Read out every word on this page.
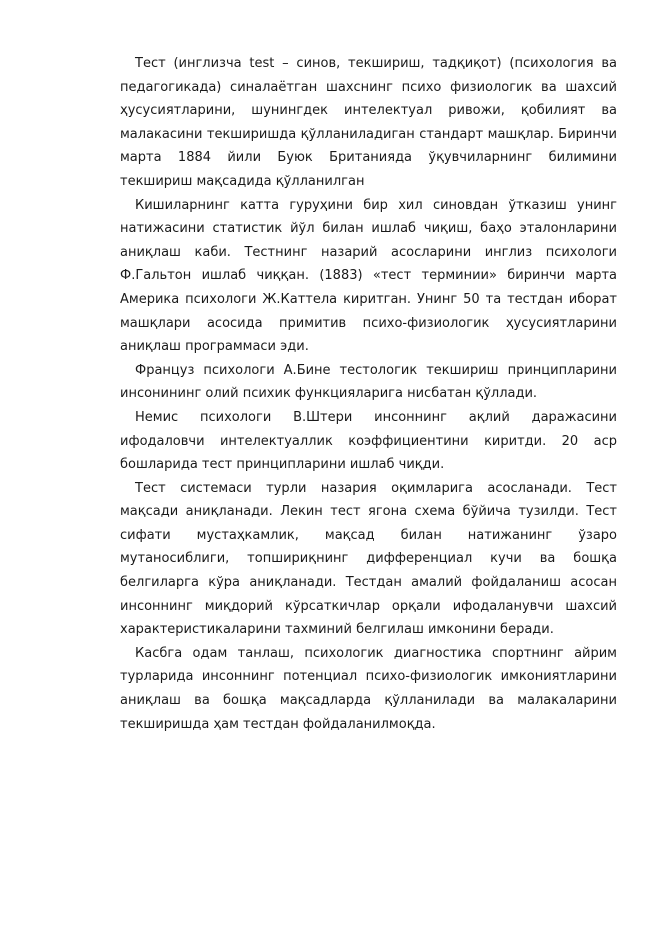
Тест (инглизча test – синов, текшириш, тадқиқот) (психология ва педагогикада) синалаётган шахснинг психо физиологик ва шахсий ҳусусиятларини, шунингдек интелектуал ривожи, қобилият ва малакасини текширишда қўлланиладиган стандарт машқлар. Биринчи марта 1884 йили Буюк Британияда ўқувчиларнинг билимини текшириш мақсадида қўлланилган

Кишиларнинг катта гуруҳини бир хил синовдан ўтказиш унинг натижасини статистик йўл билан ишлаб чиқиш, баҳо эталонларини аниқлаш каби. Тестнинг назарий асосларини инглиз психологи Ф.Гальтон ишлаб чиққан. (1883) «тест терминии» биринчи марта Америка психологи Ж.Каттела киритган. Унинг 50 та тестдан иборат машқлари асосида примитив психо-физиологик ҳусусиятларини аниқлаш программаси эди.

Француз психологи А.Бине тестологик текшириш принципларини инсонининг олий психик функцияларига нисбатан қўллади.

Немис психологи В.Штери инсоннинг ақлий даражасини ифодаловчи интелектуаллик коэффициентини киритди. 20 аср бошларида тест принципларини ишлаб чиқди.

Тест системаси турли назария оқимларига асосланади. Тест мақсади аниқланади. Лекин тест ягона схема бўйича тузилди. Тест сифати мустаҳкамлик, мақсад билан натижанинг ўзаро мутаносиблиги, топшириқнинг дифференциал кучи ва бошқа белгиларга кўра аниқланади. Тестдан амалий фойдаланиш асосан инсоннинг миқдорий кўрсаткичлар орқали ифодаланувчи шахсий характеристикаларини тахминий белгилаш имконини беради.

Касбга одам танлаш, психологик диагностика спортнинг айрим турларида инсоннинг потенциал психо-физиологик имкониятларини аниқлаш ва бошқа мақсадларда қўлланилади ва малакаларини текширишда ҳам тестдан фойдаланилмоқда.
